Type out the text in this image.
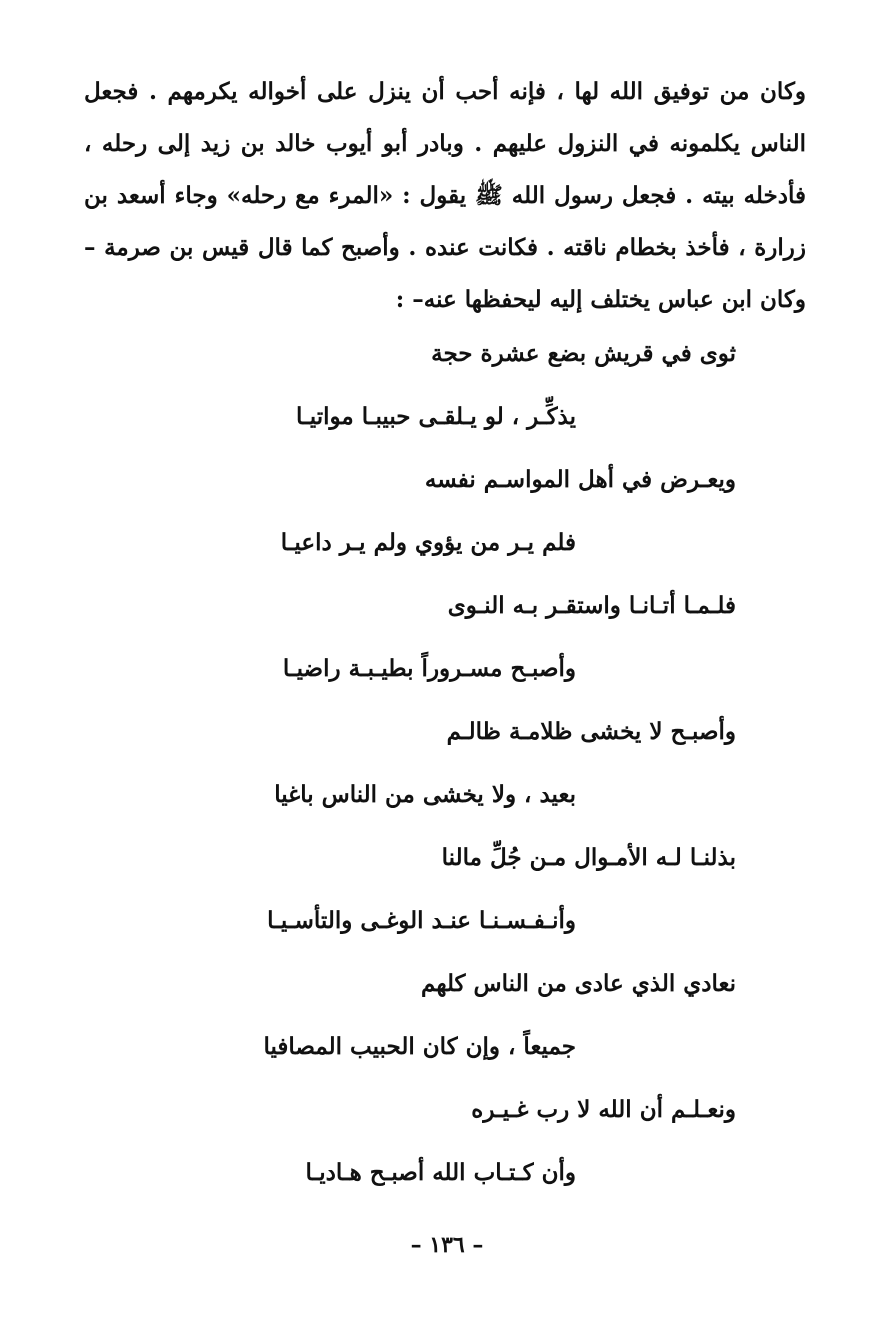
وكان من توفيق الله لها ، فإنه أحب أن ينزل على أخواله يكرمهم . فجعل الناس يكلمونه في النزول عليهم . وبادر أبو أيوب خالد بن زيد إلى رحله ، فأدخله بيته . فجعل رسول الله ﷺ يقول : «المرء مع رحله» وجاء أسعد بن زرارة ، فأخذ بخطام ناقته . فكانت عنده . وأصبح كما قال قيس بن صرمة –وكان ابن عباس يختلف إليه ليحفظها عنه– :

ثوى في قريش بضع عشرة حجة
يذكِّـر ، لو يـلقـى حبيبـا مواتيـا
ويعـرض في أهل المواسـم نفسه
فلم يـر من يؤوي ولم يـر داعيـا
فلـمـا أتـانـا واستقـر بـه النـوى
وأصبـح مسـروراً بطيـبـة راضيـا
وأصبـح لا يخشى ظلامـة ظالـم
بعيد ، ولا يخشى من الناس باغيا
بذلنـا لـه الأمـوال مـن جُلِّ مالنا
وأنـفـسـنـا عنـد الوغـى والتأسـيـا
نعادي الذي عادى من الناس كلهم
جميعاً ، وإن كان الحبيب المصافيا
ونعـلـم أن الله لا رب غـيـره
وأن كـتـاب الله أصبـح هـاديـا
– ١٣٦ –
